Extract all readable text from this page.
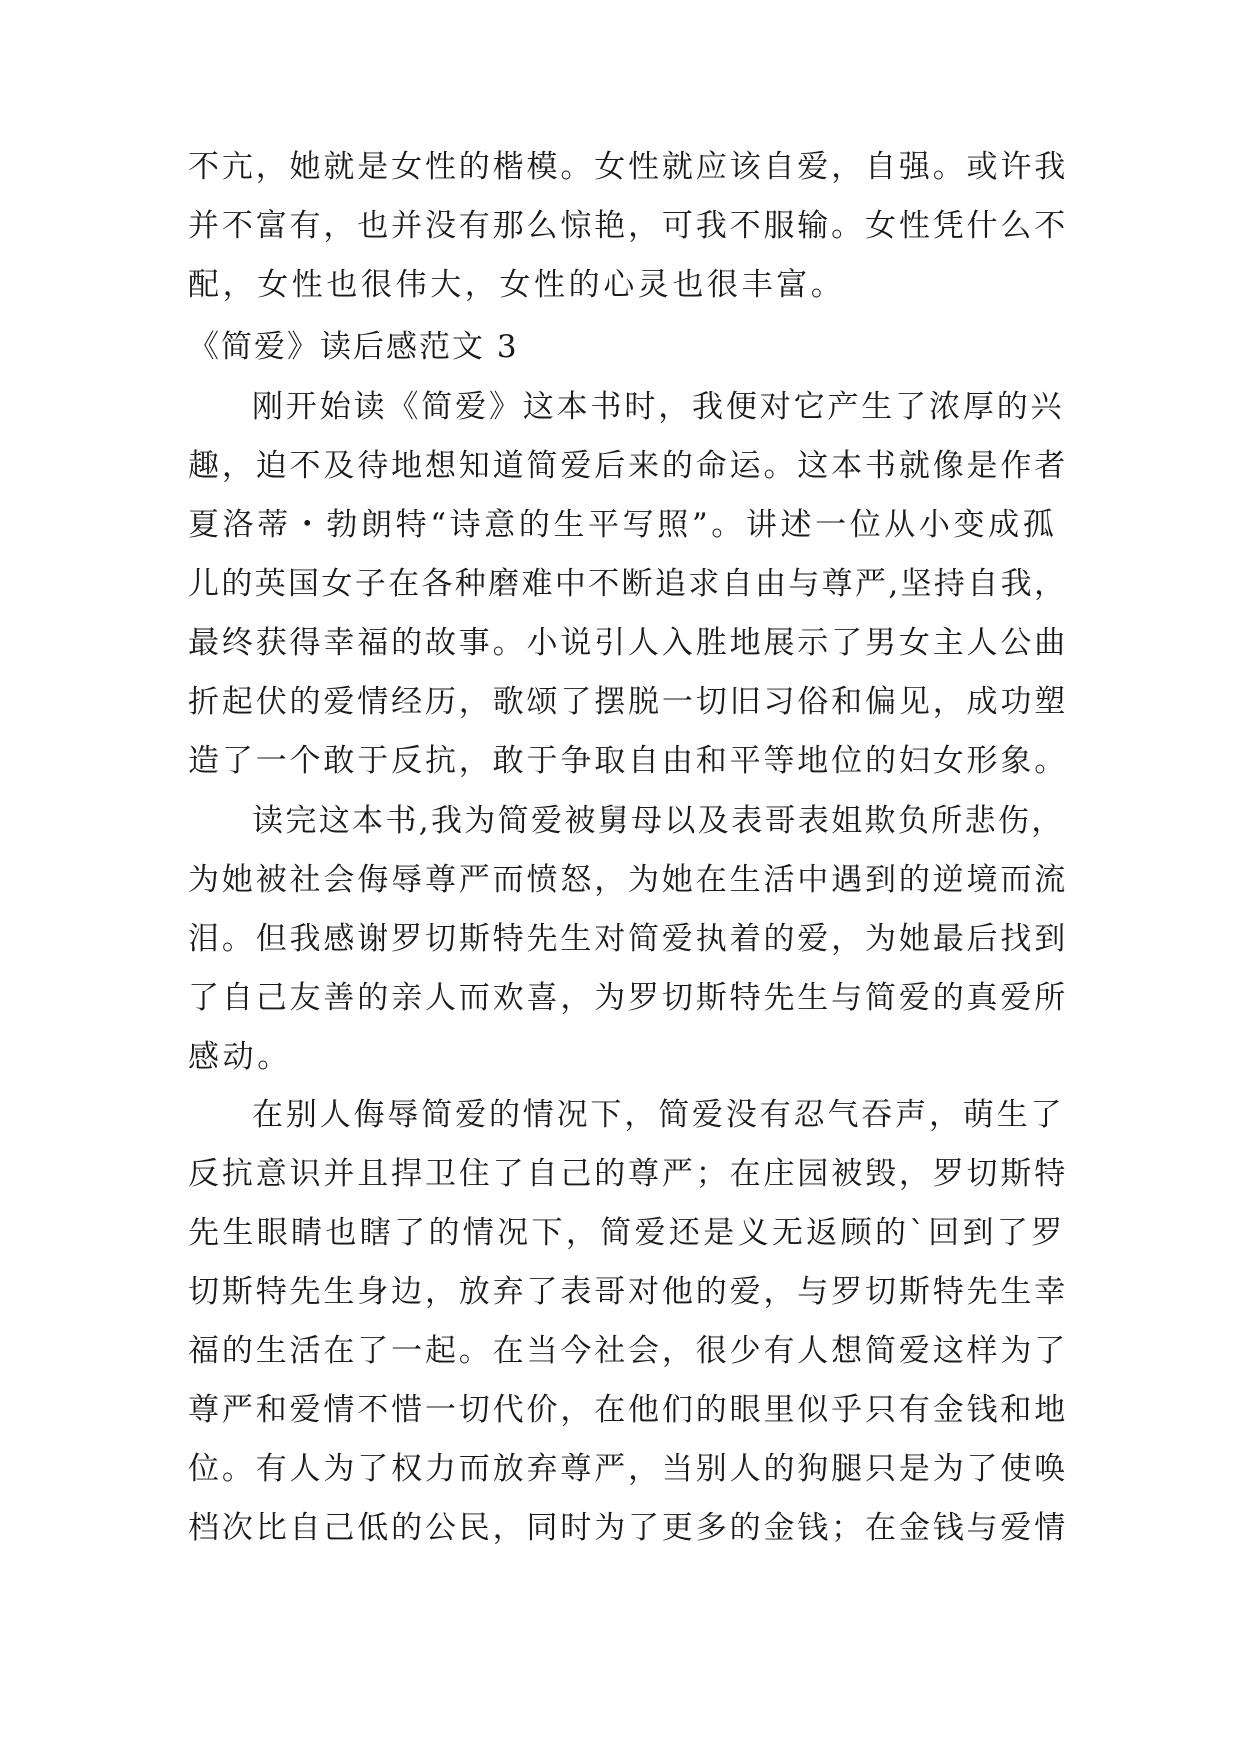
不亢，她就是女性的楷模。女性就应该自爱，自强。或许我
并不富有，也并没有那么惊艳，可我不服输。女性凭什么不
配，女性也很伟大，女性的心灵也很丰富。
《简爱》读后感范文 3
刚开始读《简爱》这本书时，我便对它产生了浓厚的兴
趣，迫不及待地想知道简爱后来的命运。这本书就像是作者
夏洛蒂・勃朗特“诗意的生平写照”。讲述一位从小变成孤
儿的英国女子在各种磨难中不断追求自由与尊严,坚持自我，
最终获得幸福的故事。小说引人入胜地展示了男女主人公曲
折起伏的爱情经历，歌颂了摆脱一切旧习俗和偏见，成功塑
造了一个敢于反抗，敢于争取自由和平等地位的妇女形象。
读完这本书,我为简爱被舅母以及表哥表姐欺负所悲伤，
为她被社会侮辱尊严而愤怒，为她在生活中遇到的逆境而流
泪。但我感谢罗切斯特先生对简爱执着的爱，为她最后找到
了自己友善的亲人而欢喜，为罗切斯特先生与简爱的真爱所
感动。
在别人侮辱简爱的情况下，简爱没有忍气吞声，萌生了
反抗意识并且捍卫住了自己的尊严；在庄园被毁，罗切斯特
先生眼睛也瞎了的情况下，简爱还是义无返顾的`回到了罗
切斯特先生身边，放弃了表哥对他的爱，与罗切斯特先生幸
福的生活在了一起。在当今社会，很少有人想简爱这样为了
尊严和爱情不惜一切代价，在他们的眼里似乎只有金钱和地
位。有人为了权力而放弃尊严，当别人的狗腿只是为了使唤
档次比自己低的公民，同时为了更多的金钱；在金钱与爱情
